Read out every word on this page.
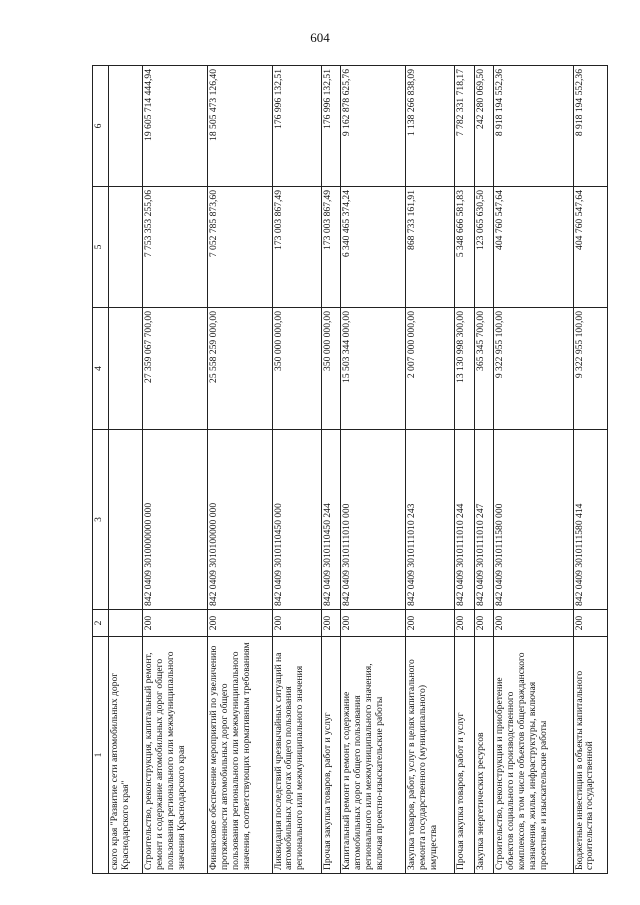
604
1	2	3	4	5	6
ского края "Развитие сети автомобильных дорог Краснодарского края"					
Строительство, реконструкция, капитальный ремонт, ремонт и содержание автомобильных дорог общего пользования регионального или межмуниципального значения Краснодарского края	200	842 0409 3010000000 000	27 359 067 700,00	7 753 353 255,06	19 605 714 444,94
Финансовое обеспечение мероприятий по увеличению протяженности автомобильных дорог общего пользования регионального или межмуниципального значения, соответствующих нормативным требованиям	200	842 0409 3010100000 000	25 558 259 000,00	7 052 785 873,60	18 505 473 126,40
Ликвидация последствий чрезвычайных ситуаций на автомобильных дорогах общего пользования регионального или межмуниципального значения	200	842 0409 3010110450 000	350 000 000,00	173 003 867,49	176 996 132,51
Прочая закупка товаров, работ и услуг	200	842 0409 3010110450 244	350 000 000,00	173 003 867,49	176 996 132,51
Капитальный ремонт и ремонт, содержание автомобильных дорог общего пользования регионального или межмуниципального значения, включая проектно-изыскательские работы	200	842 0409 3010111010 000	15 503 344 000,00	6 340 465 374,24	9 162 878 625,76
Закупка товаров, работ, услуг в целях капитального ремонта государственного (муниципального) имущества	200	842 0409 3010111010 243	2 007 000 000,00	868 733 161,91	1 138 266 838,09
Прочая закупка товаров, работ и услуг	200	842 0409 3010111010 244	13 130 998 300,00	5 348 666 581,83	7 782 331 718,17
Закупка энергетических ресурсов	200	842 0409 3010111010 247	365 345 700,00	123 065 630,50	242 280 069,50
Строительство, реконструкция и приобретение объектов социального и производственного комплексов, в том числе объектов общегражданского назначения, жилья, инфраструктуры, включая проектные и изыскательские работы	200	842 0409 3010111580 000	9 322 955 100,00	404 760 547,64	8 918 194 552,36
Бюджетные инвестиции в объекты капитального строительства государственной	200	842 0409 3010111580 414	9 322 955 100,00	404 760 547,64	8 918 194 552,36
